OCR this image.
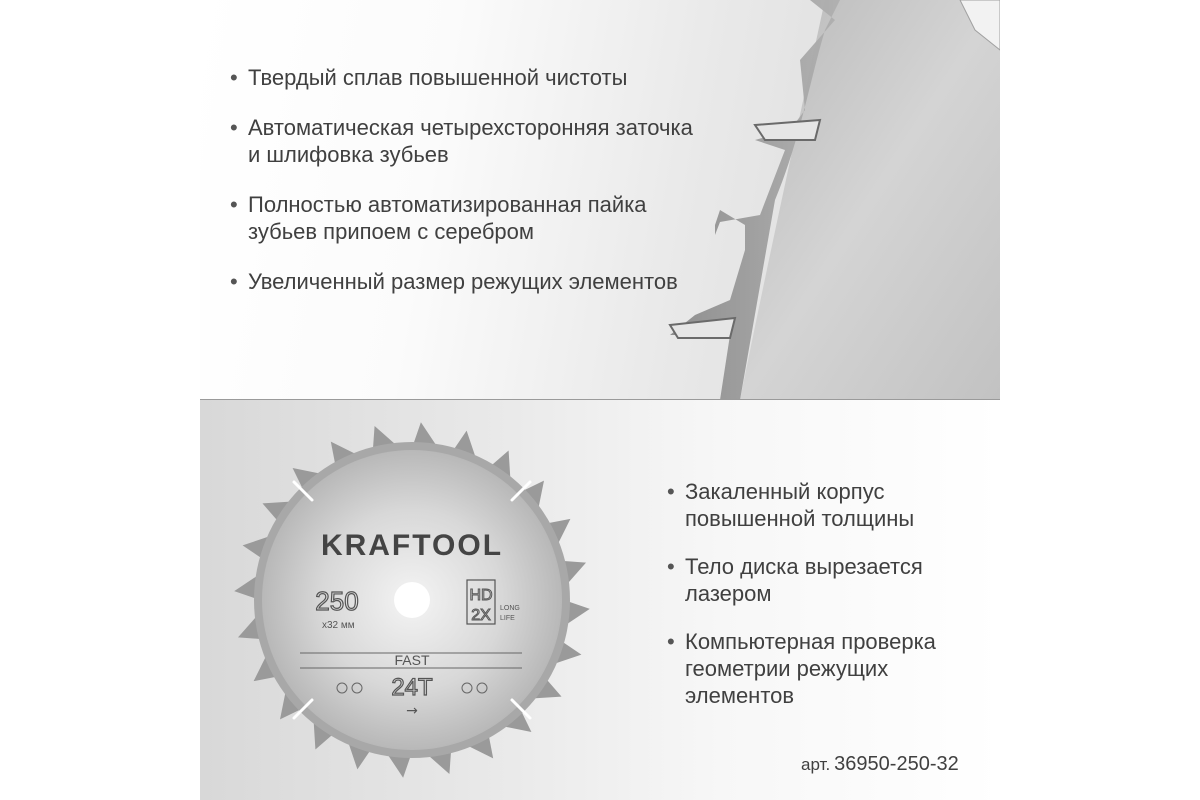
• Твердый сплав повышенной чистоты
• Автоматическая четырехсторонняя заточка и шлифовка зубьев
• Полностью автоматизированная пайка зубьев припоем с серебром
• Увеличенный размер режущих элементов
KRAFTOOL
250
x32 мм
HD
2X LONG
LIFE
FAST
24T
→
• Закаленный корпус повышенной толщины
• Тело диска вырезается лазером
• Компьютерная проверка геометрии режущих элементов
арт. 36950-250-32
